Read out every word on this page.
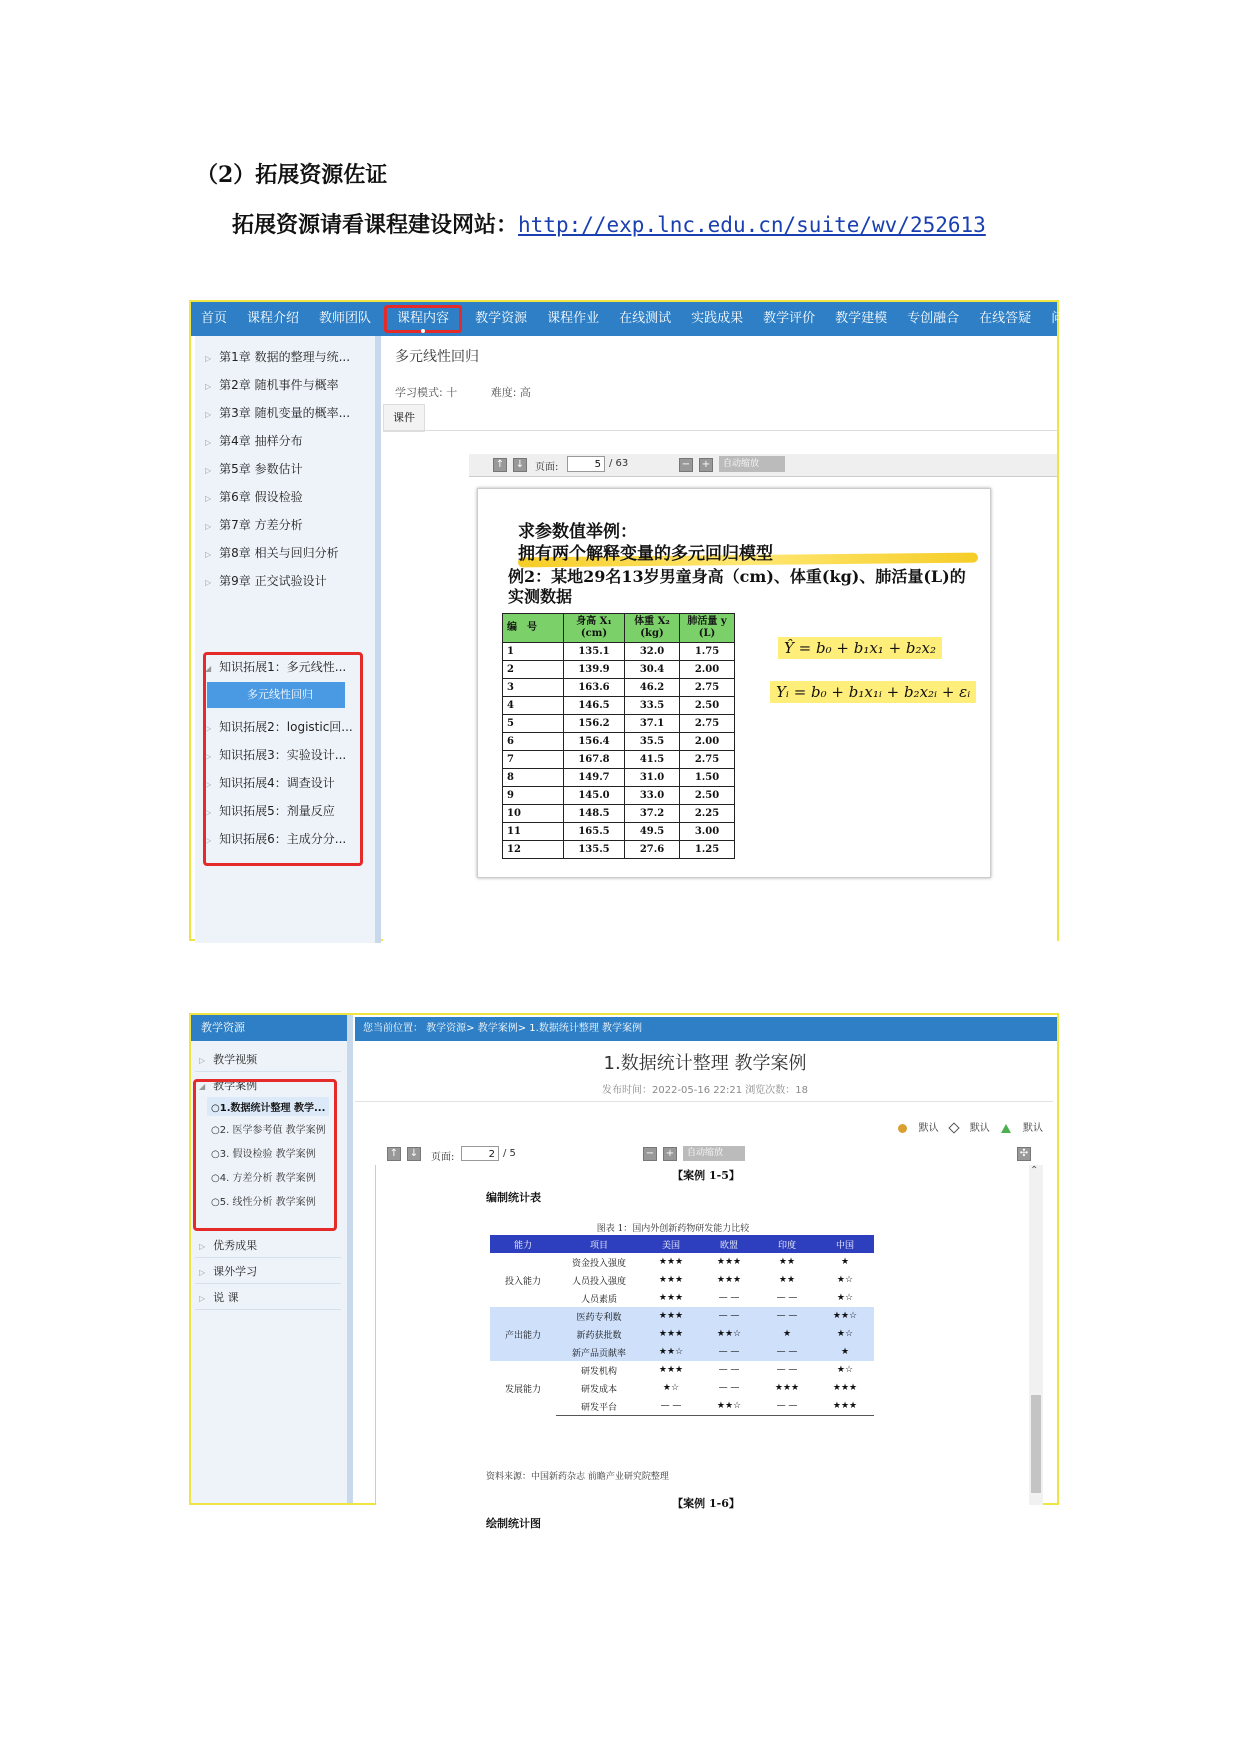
（2）拓展资源佐证
拓展资源请看课程建设网站：http://exp.lnc.edu.cn/suite/wv/252613
首页	课程介绍	教师团队	课程内容	教学资源	课程作业	在线测试	实践成果	教学评价	教学建模	专创融合	在线答疑	问
▷ 第1章 数据的整理与统...
▷ 第2章 随机事件与概率
▷ 第3章 随机变量的概率...
▷ 第4章 抽样分布
▷ 第5章 参数估计
▷ 第6章 假设检验
▷ 第7章 方差分析
▷ 第8章 相关与回归分析
▷ 第9章 正交试验设计
◢ 知识拓展1：多元线性...
多元线性回归
▷ 知识拓展2：logistic回...
▷ 知识拓展3：实验设计...
▷ 知识拓展4：调查设计
▷ 知识拓展5：剂量反应
▷ 知识拓展6：主成分分...
多元线性回归
学习模式: 十	难度: 高
课件
↑ ↓ 页面:	5 / 63	− +	自动缩放
求参数值举例：
拥有两个解释变量的多元回归模型
例2：某地29名13岁男童身高（cm)、体重(kg)、肺活量(L)的实测数据
编　号	身高 X₁ (cm)	体重 X₂ (kg)	肺活量 y (L)
1	135.1	32.0	1.75
2	139.9	30.4	2.00
3	163.6	46.2	2.75
4	146.5	33.5	2.50
5	156.2	37.1	2.75
6	156.4	35.5	2.00
7	167.8	41.5	2.75
8	149.7	31.0	1.50
9	145.0	33.0	2.50
10	148.5	37.2	2.25
11	165.5	49.5	3.00
12	135.5	27.6	1.25
Ŷ = b₀ + b₁x₁ + b₂x₂
Yᵢ = b₀ + b₁x₁ᵢ + b₂x₂ᵢ + εᵢ
教学资源
▷ 教学视频
◢ 教学案例
○1.数据统计整理 教学...
○2. 医学参考值 教学案例
○3. 假设检验 教学案例
○4. 方差分析 教学案例
○5. 线性分析 教学案例
▷ 优秀成果
▷ 课外学习
▷ 说 课
您当前位置： 教学资源> 教学案例> 1.数据统计整理 教学案例
1.数据统计整理 教学案例
发布时间：2022-05-16 22:21 浏览次数：18
默认	默认	默认
↑ ↓ 页面:	2 / 5	− +	自动缩放	✣
【案例 1-5】
编制统计表
图表 1：国内外创新药物研发能力比较
能力	项目	美国	欧盟	印度	中国
投入能力	资金投入强度	★★★	★★★	★★	★
	人员投入强度	★★★	★★★	★★	★☆
	人员素质	★★★	— —	— —	★☆
产出能力	医药专利数	★★★	— —	— —	★★☆
	新药获批数	★★★	★★☆	★	★☆
	新产品贡献率	★★☆	— —	— —	★
发展能力	研发机构	★★★	— —	— —	★☆
	研发成本	★☆	— —	★★★	★★★
	研发平台	— —	★★☆	— —	★★★
资料来源：中国新药杂志 前瞻产业研究院整理
【案例 1-6】
绘制统计图
⌃
